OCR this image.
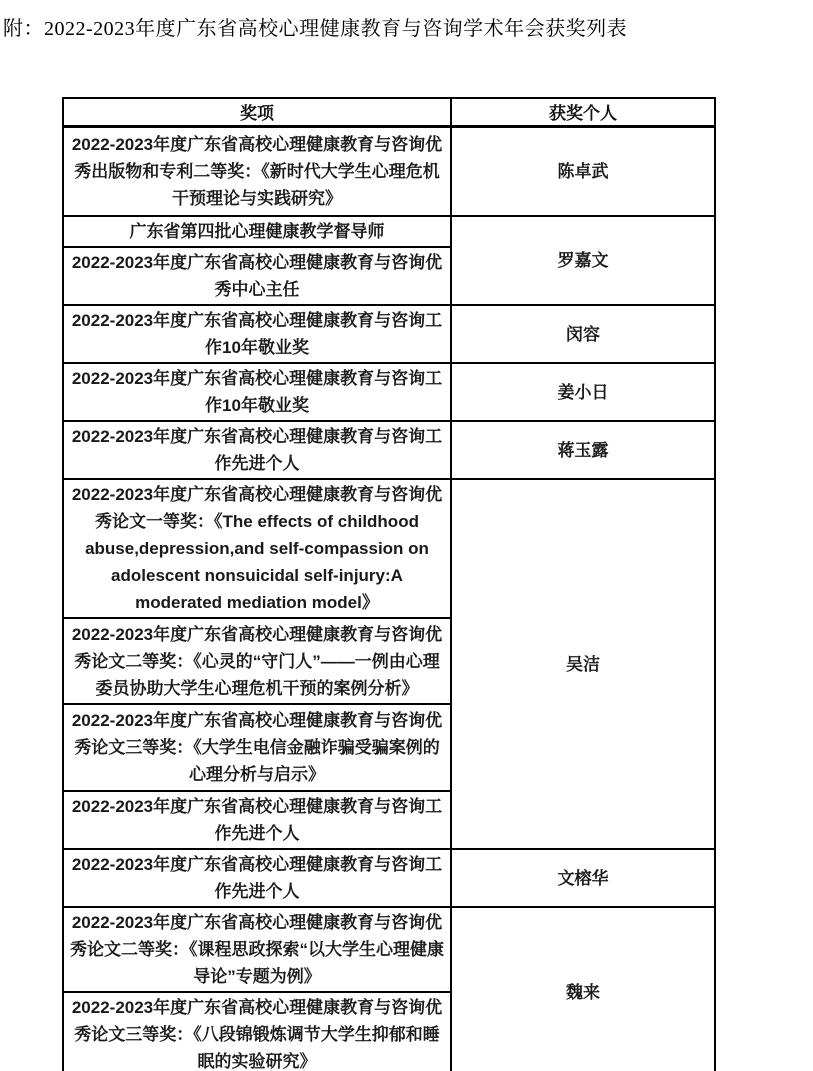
附：2022-2023年度广东省高校心理健康教育与咨询学术年会获奖列表
奖项	获奖个人
2022-2023年度广东省高校心理健康教育与咨询优秀出版物和专利二等奖：《新时代大学生心理危机干预理论与实践研究》	陈卓武
广东省第四批心理健康教学督导师	罗嘉文
2022-2023年度广东省高校心理健康教育与咨询优秀中心主任	
2022-2023年度广东省高校心理健康教育与咨询工作10年敬业奖	闵容
2022-2023年度广东省高校心理健康教育与咨询工作10年敬业奖	姜小日
2022-2023年度广东省高校心理健康教育与咨询工作先进个人	蒋玉露
2022-2023年度广东省高校心理健康教育与咨询优秀论文一等奖：《The effects of childhood abuse,depression,and self-compassion on adolescent nonsuicidal self-injury:A moderated mediation model》	吴洁
2022-2023年度广东省高校心理健康教育与咨询优秀论文二等奖：《心灵的“守门人”——一例由心理委员协助大学生心理危机干预的案例分析》	
2022-2023年度广东省高校心理健康教育与咨询优秀论文三等奖：《大学生电信金融诈骗受骗案例的心理分析与启示》	
2022-2023年度广东省高校心理健康教育与咨询工作先进个人	
2022-2023年度广东省高校心理健康教育与咨询工作先进个人	文榕华
2022-2023年度广东省高校心理健康教育与咨询优秀论文二等奖：《课程思政探索“以大学生心理健康导论”专题为例》	魏来
2022-2023年度广东省高校心理健康教育与咨询优秀论文三等奖：《八段锦锻炼调节大学生抑郁和睡眠的实验研究》	
